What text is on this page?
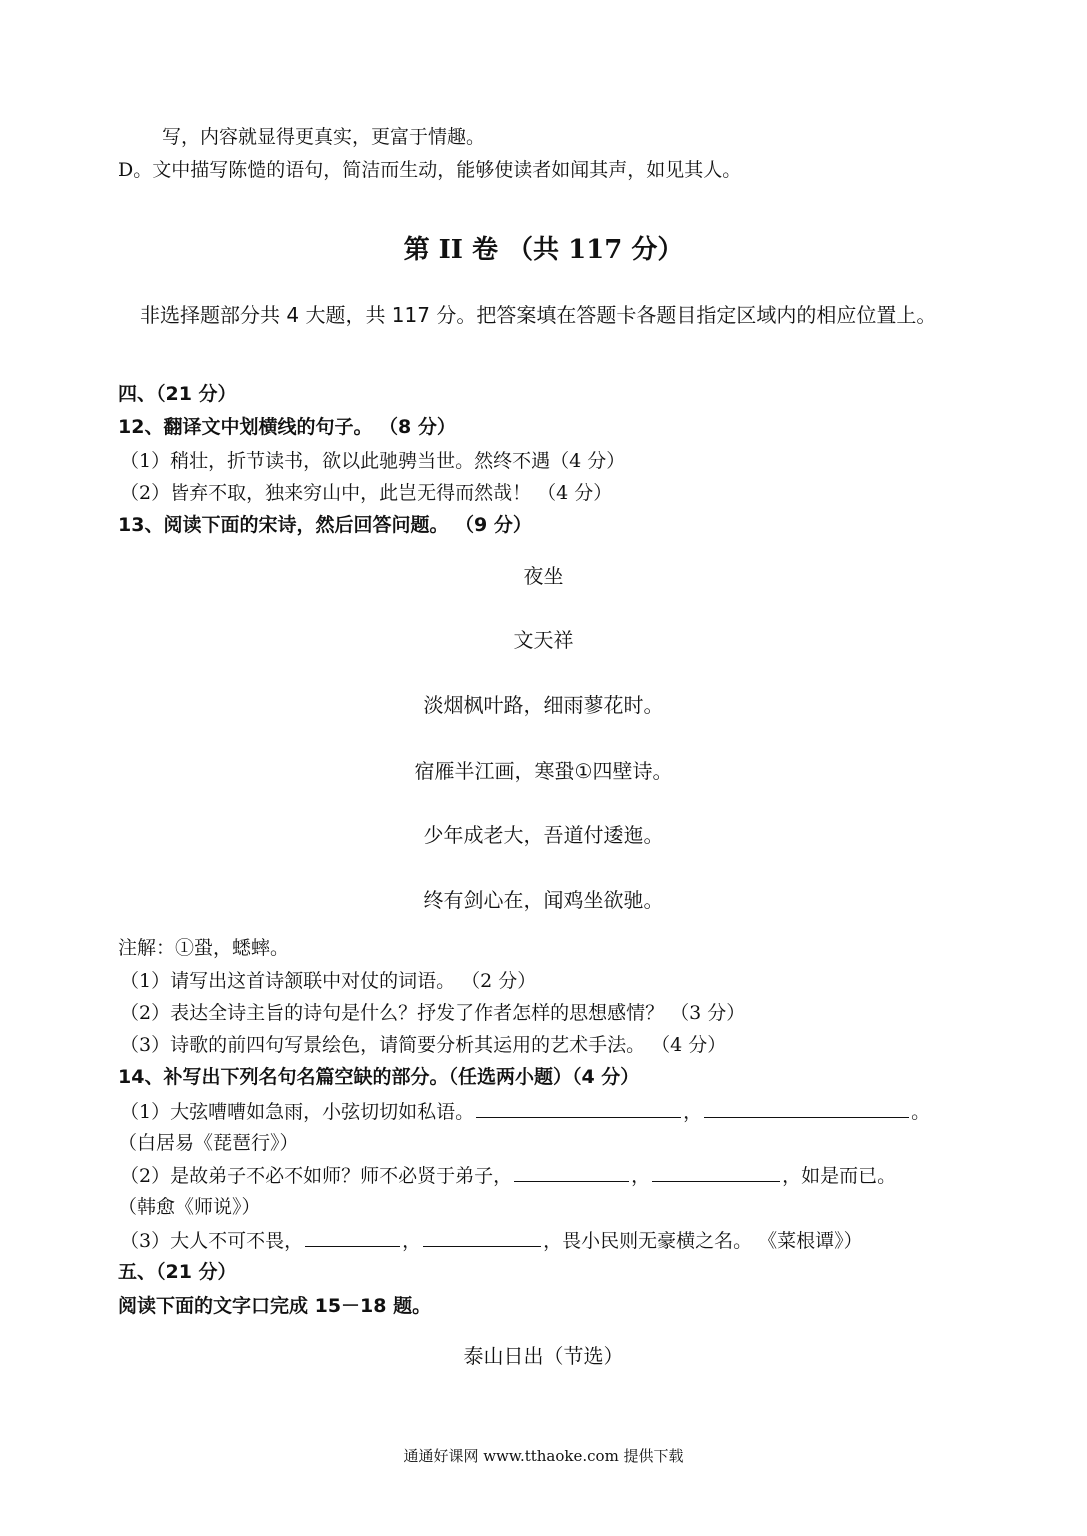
写，内容就显得更真实，更富于情趣。

D。文中描写陈慥的语句，简洁而生动，能够使读者如闻其声，如见其人。

第 II 卷 （共 117 分）

非选择题部分共 4 大题，共 117 分。把答案填在答题卡各题目指定区域内的相应位置上。

四、（21 分）

12、翻译文中划横线的句子。 （8 分）

（1）稍壮，折节读书，欲以此驰骋当世。然终不遇（4 分）

（2）皆弃不取，独来穷山中，此岂无得而然哉！ （4 分）

13、阅读下面的宋诗，然后回答问题。 （9 分）

夜坐

文天祥

淡烟枫叶路，细雨蓼花时。

宿雁半江画，寒蛩①四壁诗。

少年成老大，吾道付逶迤。

终有剑心在，闻鸡坐欲驰。

注解：①蛩，蟋蟀。

（1）请写出这首诗颔联中对仗的词语。 （2 分）

（2）表达全诗主旨的诗句是什么？抒发了作者怎样的思想感情？ （3 分）

（3）诗歌的前四句写景绘色，请简要分析其运用的艺术手法。 （4 分）

14、补写出下列名句名篇空缺的部分。（任选两小题）（4 分）

（1）大弦嘈嘈如急雨，小弦切切如私语。	，	。

（白居易《琵琶行》）

（2）是故弟子不必不如师？师不必贤于弟子，	，	，如是而已。

（韩愈《师说》）

（3）大人不可不畏，	，	，畏小民则无豪横之名。 《菜根谭》）

五、（21 分）

阅读下面的文字口完成 15－18 题。

泰山日出（节选）

通通好课网 www.tthaoke.com 提供下载
